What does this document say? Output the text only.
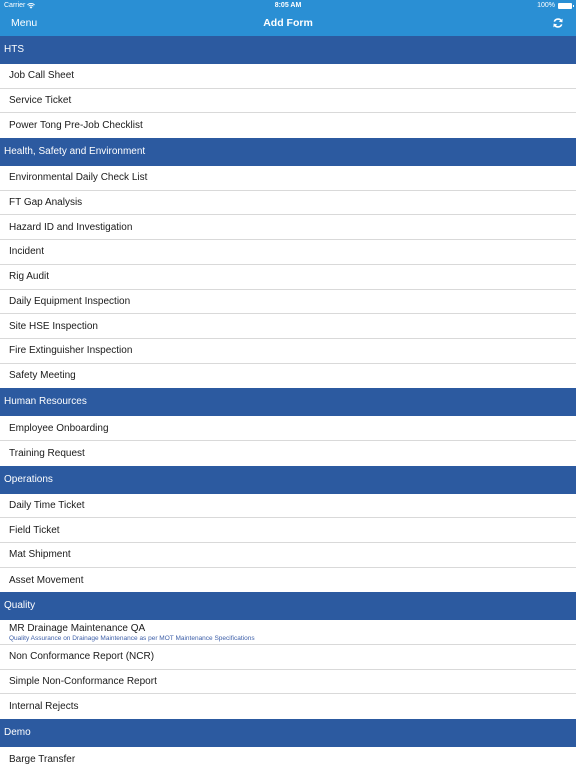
Carrier	8:05 AM	100%
Menu	Add Form
HTS
Job Call Sheet
Service Ticket
Power Tong Pre-Job Checklist
Health, Safety and Environment
Environmental Daily Check List
FT Gap Analysis
Hazard ID and Investigation
Incident
Rig Audit
Daily Equipment Inspection
Site HSE Inspection
Fire Extinguisher Inspection
Safety Meeting
Human Resources
Employee Onboarding
Training Request
Operations
Daily Time Ticket
Field Ticket
Mat Shipment
Asset Movement
Quality
MR Drainage Maintenance QA
Quality Assurance on Drainage Maintenance as per MOT Maintenance Specifications
Non Conformance Report (NCR)
Simple Non-Conformance Report
Internal Rejects
Demo
Barge Transfer
